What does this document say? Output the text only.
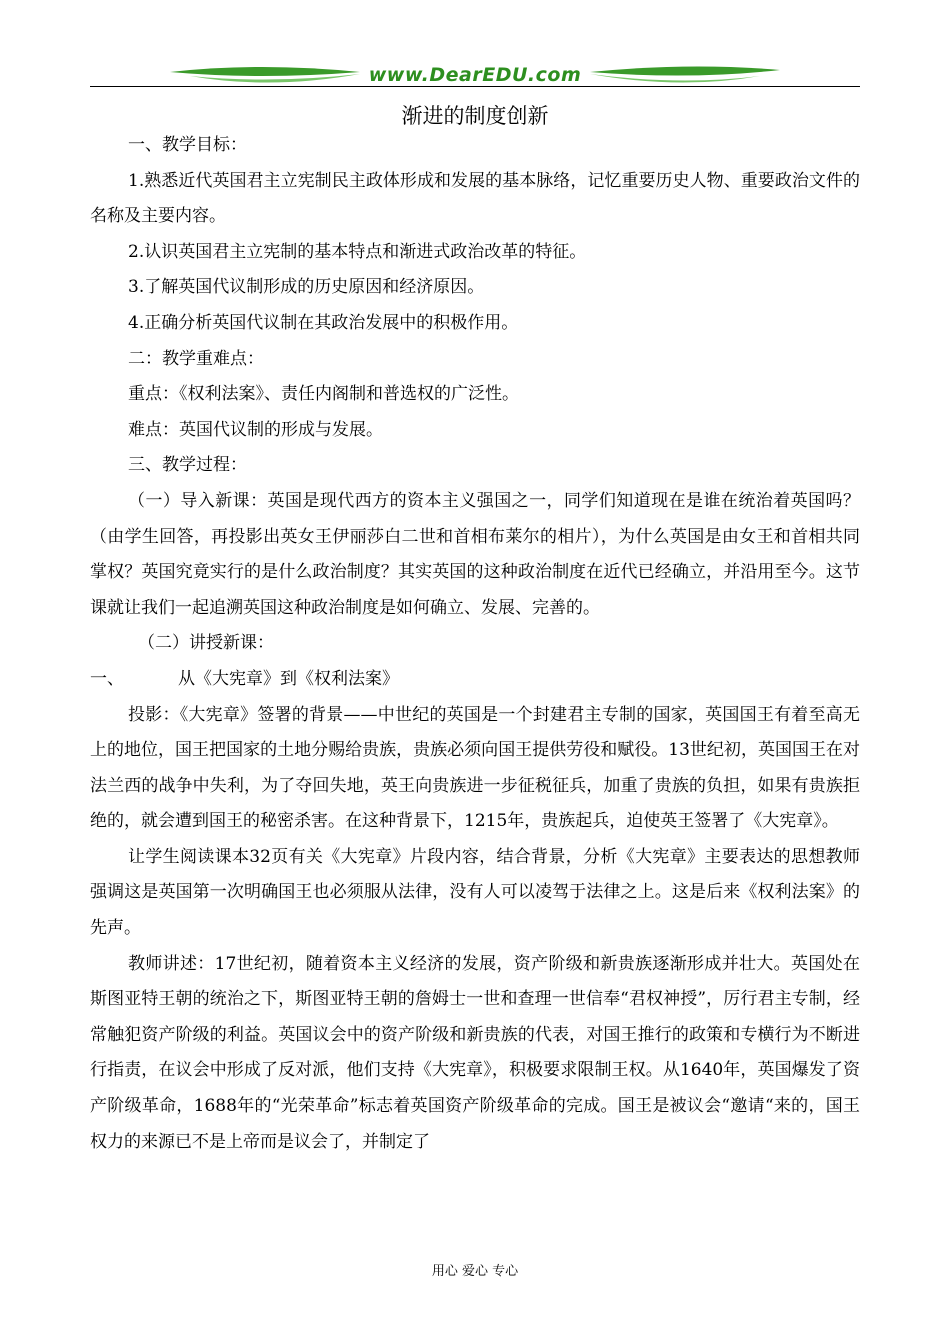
www.DearEDU.com
渐进的制度创新

一、教学目标：

1.熟悉近代英国君主立宪制民主政体形成和发展的基本脉络，记忆重要历史人物、重要政治文件的名称及主要内容。

2.认识英国君主立宪制的基本特点和渐进式政治改革的特征。

3.了解英国代议制形成的历史原因和经济原因。

4.正确分析英国代议制在其政治发展中的积极作用。

二：教学重难点：

重点：《权利法案》、责任内阁制和普选权的广泛性。

难点：英国代议制的形成与发展。

三、教学过程：

（一）导入新课：英国是现代西方的资本主义强国之一，同学们知道现在是谁在统治着英国吗？（由学生回答，再投影出英女王伊丽莎白二世和首相布莱尔的相片），为什么英国是由女王和首相共同掌权？英国究竟实行的是什么政治制度？其实英国的这种政治制度在近代已经确立，并沿用至今。这节课就让我们一起追溯英国这种政治制度是如何确立、发展、完善的。

（二）讲授新课：

一、	从《大宪章》到《权利法案》

投影：《大宪章》签署的背景——中世纪的英国是一个封建君主专制的国家，英国国王有着至高无上的地位，国王把国家的土地分赐给贵族，贵族必须向国王提供劳役和赋役。13世纪初，英国国王在对法兰西的战争中失利，为了夺回失地，英王向贵族进一步征税征兵，加重了贵族的负担，如果有贵族拒绝的，就会遭到国王的秘密杀害。在这种背景下，1215年，贵族起兵，迫使英王签署了《大宪章》。

让学生阅读课本32页有关《大宪章》片段内容，结合背景，分析《大宪章》主要表达的思想教师强调这是英国第一次明确国王也必须服从法律，没有人可以凌驾于法律之上。这是后来《权利法案》的先声。

教师讲述：17世纪初，随着资本主义经济的发展，资产阶级和新贵族逐渐形成并壮大。英国处在斯图亚特王朝的统治之下，斯图亚特王朝的詹姆士一世和查理一世信奉“君权神授”，厉行君主专制，经常触犯资产阶级的利益。英国议会中的资产阶级和新贵族的代表，对国王推行的政策和专横行为不断进行指责，在议会中形成了反对派，他们支持《大宪章》，积极要求限制王权。从1640年，英国爆发了资产阶级革命，1688年的“光荣革命”标志着英国资产阶级革命的完成。国王是被议会“邀请“来的，国王权力的来源已不是上帝而是议会了，并制定了

用心 爱心 专心
